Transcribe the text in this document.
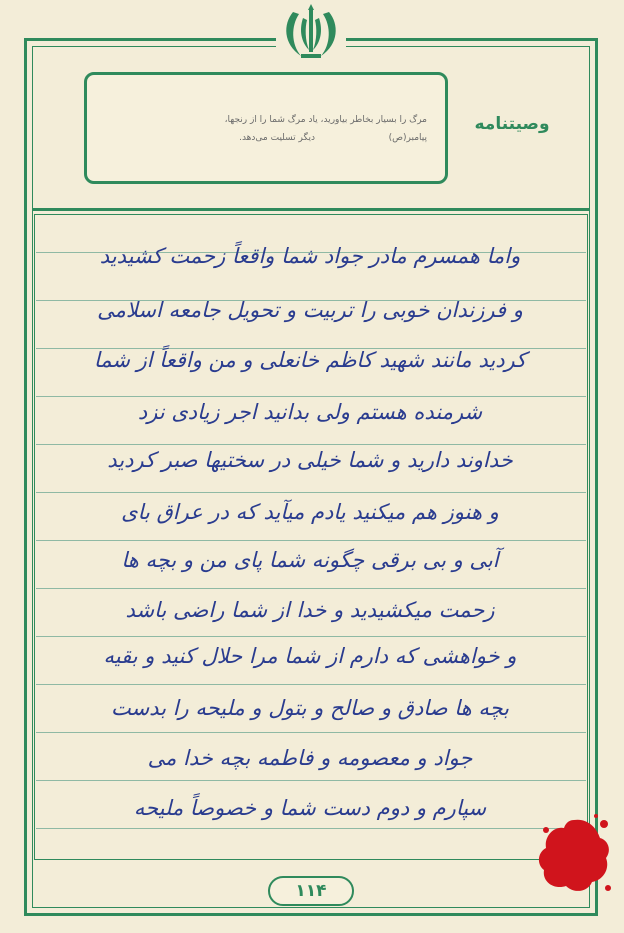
مرگ را بسیار بخاطر بیاورید، یاد مرگ شما را از رنجها،
دیگر تسلیت می‌دهد.	پیامبر(ص)
وصیتنامه
واما همسرم مادر جواد شما واقعاً زحمت کشیدید
و فرزندان خوبی را تربیت و تحویل جامعه اسلامی
کردید مانند شهید کاظم خانعلی و من واقعاً از شما
شرمنده هستم ولی بدانید اجر زیادی نزد
خداوند دارید و شما خیلی در سختیها صبر کردید
و هنوز هم میکنید یادم میآید که در عراق بای
آبی و بی برقی چگونه شما پای من و بچه ها
زحمت میکشیدید و خدا از شما راضی باشد
و خواهشی که دارم از شما مرا حلال کنید و بقیه
بچه ها صادق و صالح و بتول و ملیحه را بدست
جواد و معصومه و فاطمه بچه خدا می
سپارم و دوم دست شما و خصوصاً ملیحه
۱۱۴
